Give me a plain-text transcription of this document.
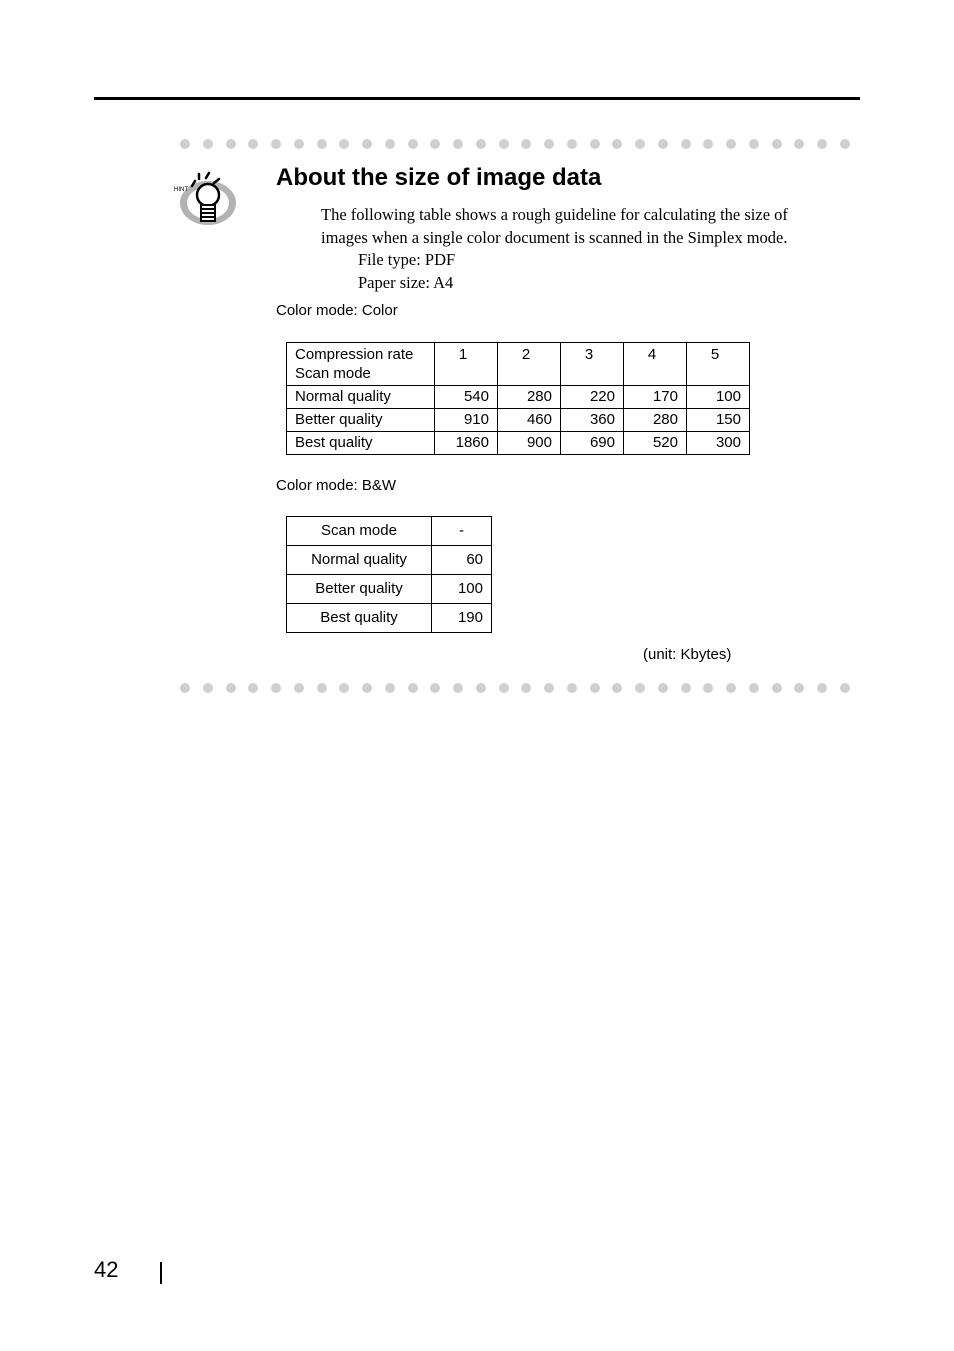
HINT	About the size of image data
The following table shows a rough guideline for calculating the size of
images when a single color document is scanned in the Simplex mode.
File type: PDF
Paper size: A4
Color mode: Color
Compression rate
Scan mode	1	2	3	4	5
Normal quality	540	280	220	170	100
Better quality	910	460	360	280	150
Best quality	1860	900	690	520	300
Color mode: B&W
Scan mode	-
Normal quality	60
Better quality	100
Best quality	190
(unit: Kbytes)
42
